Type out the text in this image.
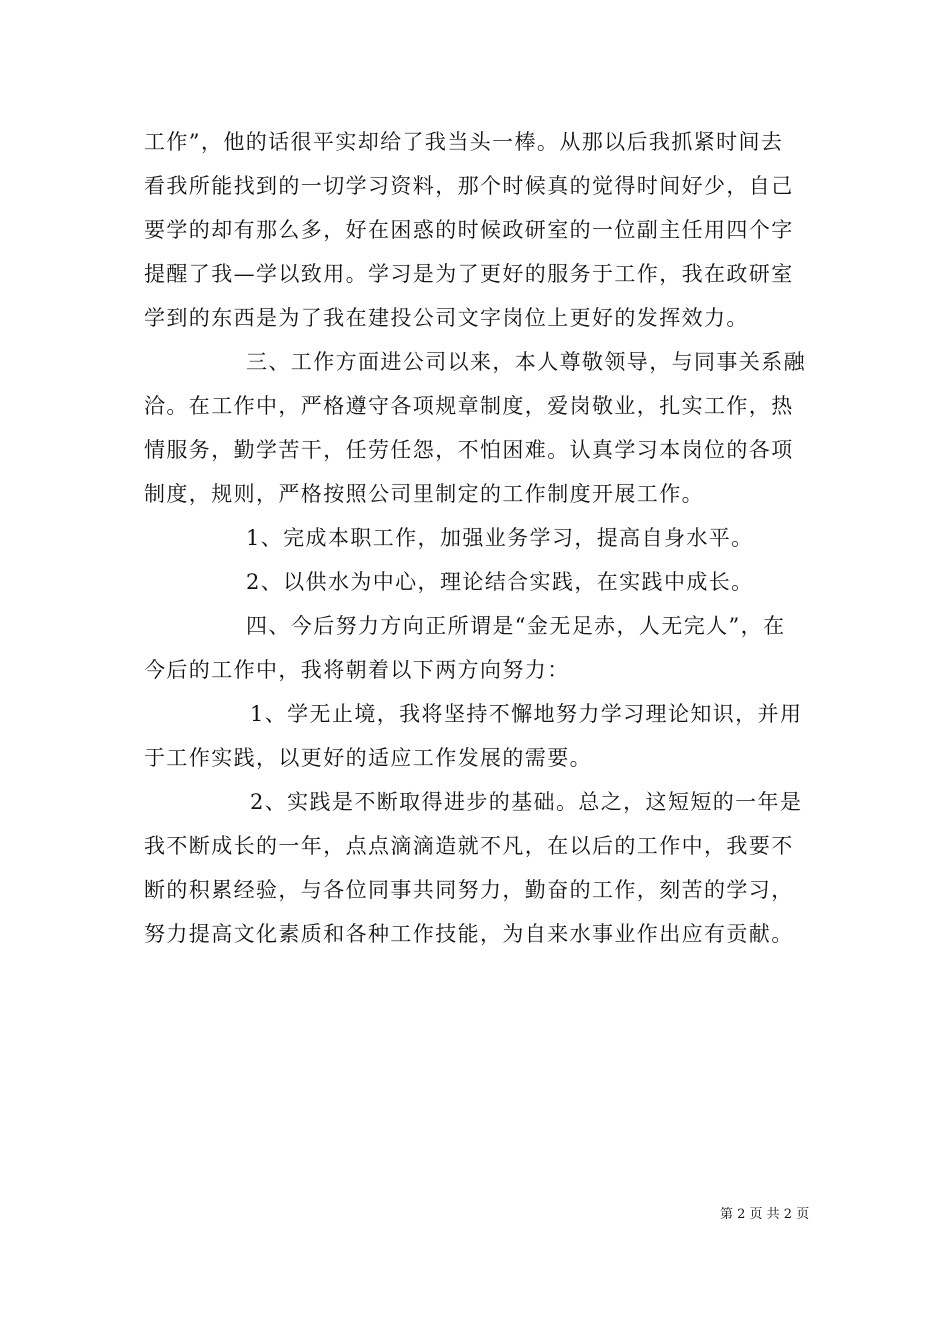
工作”，他的话很平实却给了我当头一棒。从那以后我抓紧时间去
看我所能找到的一切学习资料，那个时候真的觉得时间好少，自己
要学的却有那么多，好在困惑的时候政研室的一位副主任用四个字
提醒了我—学以致用。学习是为了更好的服务于工作，我在政研室
学到的东西是为了我在建投公司文字岗位上更好的发挥效力。
三、工作方面进公司以来，本人尊敬领导，与同事关系融
洽。在工作中，严格遵守各项规章制度，爱岗敬业，扎实工作，热
情服务，勤学苦干，任劳任怨，不怕困难。认真学习本岗位的各项
制度，规则，严格按照公司里制定的工作制度开展工作。
1、完成本职工作，加强业务学习，提高自身水平。
2、以供水为中心，理论结合实践，在实践中成长。
四、今后努力方向正所谓是“金无足赤，人无完人”，在
今后的工作中，我将朝着以下两方向努力：
1、学无止境，我将坚持不懈地努力学习理论知识，并用
于工作实践，以更好的适应工作发展的需要。
2、实践是不断取得进步的基础。总之，这短短的一年是
我不断成长的一年，点点滴滴造就不凡，在以后的工作中，我要不
断的积累经验，与各位同事共同努力，勤奋的工作，刻苦的学习，
努力提高文化素质和各种工作技能，为自来水事业作出应有贡献。
第 2 页 共 2 页
